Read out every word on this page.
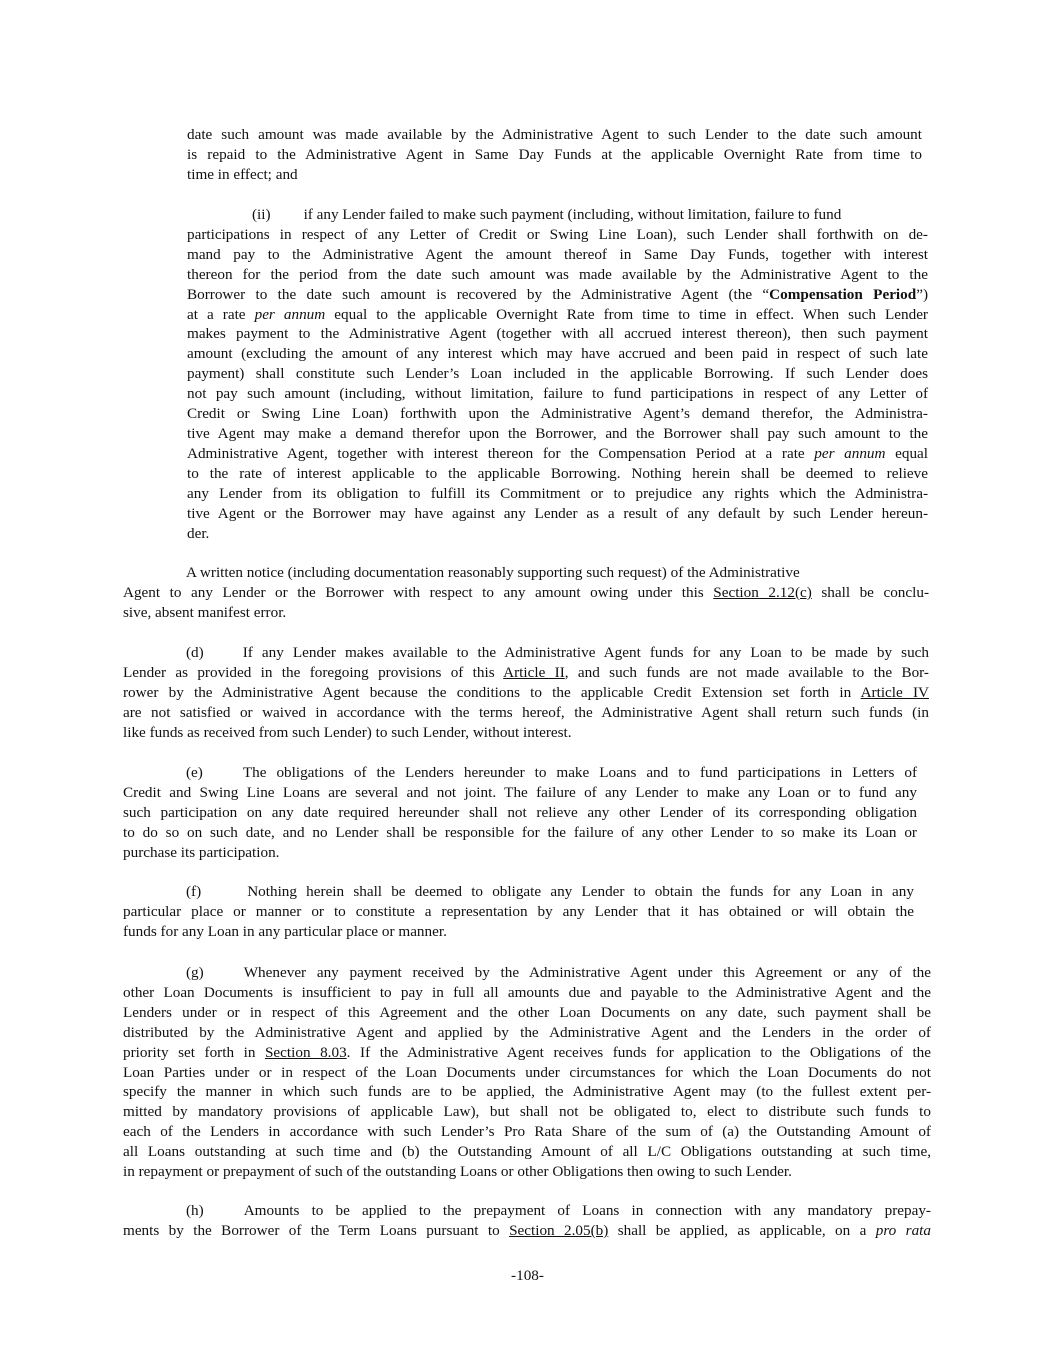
date such amount was made available by the Administrative Agent to such Lender to the date such amount
is repaid to the Administrative Agent in Same Day Funds at the applicable Overnight Rate from time to
time in effect; and
(ii) if any Lender failed to make such payment (including, without limitation, failure to fund
participations in respect of any Letter of Credit or Swing Line Loan), such Lender shall forthwith on de-
mand pay to the Administrative Agent the amount thereof in Same Day Funds, together with interest
thereon for the period from the date such amount was made available by the Administrative Agent to the
Borrower to the date such amount is recovered by the Administrative Agent (the “Compensation Period”)
at a rate per annum equal to the applicable Overnight Rate from time to time in effect. When such Lender
makes payment to the Administrative Agent (together with all accrued interest thereon), then such payment
amount (excluding the amount of any interest which may have accrued and been paid in respect of such late
payment) shall constitute such Lender’s Loan included in the applicable Borrowing. If such Lender does
not pay such amount (including, without limitation, failure to fund participations in respect of any Letter of
Credit or Swing Line Loan) forthwith upon the Administrative Agent’s demand therefor, the Administra-
tive Agent may make a demand therefor upon the Borrower, and the Borrower shall pay such amount to the
Administrative Agent, together with interest thereon for the Compensation Period at a rate per annum equal
to the rate of interest applicable to the applicable Borrowing. Nothing herein shall be deemed to relieve
any Lender from its obligation to fulfill its Commitment or to prejudice any rights which the Administra-
tive Agent or the Borrower may have against any Lender as a result of any default by such Lender hereun-
der.
A written notice (including documentation reasonably supporting such request) of the Administrative
Agent to any Lender or the Borrower with respect to any amount owing under this Section 2.12(c) shall be conclu-
sive, absent manifest error.
(d)	If any Lender makes available to the Administrative Agent funds for any Loan to be made by such
Lender as provided in the foregoing provisions of this Article II, and such funds are not made available to the Bor-
rower by the Administrative Agent because the conditions to the applicable Credit Extension set forth in Article IV
are not satisfied or waived in accordance with the terms hereof, the Administrative Agent shall return such funds (in
like funds as received from such Lender) to such Lender, without interest.
(e)	The obligations of the Lenders hereunder to make Loans and to fund participations in Letters of
Credit and Swing Line Loans are several and not joint. The failure of any Lender to make any Loan or to fund any
such participation on any date required hereunder shall not relieve any other Lender of its corresponding obligation
to do so on such date, and no Lender shall be responsible for the failure of any other Lender to so make its Loan or
purchase its participation.
(f)	Nothing herein shall be deemed to obligate any Lender to obtain the funds for any Loan in any
particular place or manner or to constitute a representation by any Lender that it has obtained or will obtain the
funds for any Loan in any particular place or manner.
(g)	Whenever any payment received by the Administrative Agent under this Agreement or any of the
other Loan Documents is insufficient to pay in full all amounts due and payable to the Administrative Agent and the
Lenders under or in respect of this Agreement and the other Loan Documents on any date, such payment shall be
distributed by the Administrative Agent and applied by the Administrative Agent and the Lenders in the order of
priority set forth in Section 8.03. If the Administrative Agent receives funds for application to the Obligations of the
Loan Parties under or in respect of the Loan Documents under circumstances for which the Loan Documents do not
specify the manner in which such funds are to be applied, the Administrative Agent may (to the fullest extent per-
mitted by mandatory provisions of applicable Law), but shall not be obligated to, elect to distribute such funds to
each of the Lenders in accordance with such Lender’s Pro Rata Share of the sum of (a) the Outstanding Amount of
all Loans outstanding at such time and (b) the Outstanding Amount of all L/C Obligations outstanding at such time,
in repayment or prepayment of such of the outstanding Loans or other Obligations then owing to such Lender.
(h)	Amounts to be applied to the prepayment of Loans in connection with any mandatory prepay-
ments by the Borrower of the Term Loans pursuant to Section 2.05(b) shall be applied, as applicable, on a pro rata
-108-
